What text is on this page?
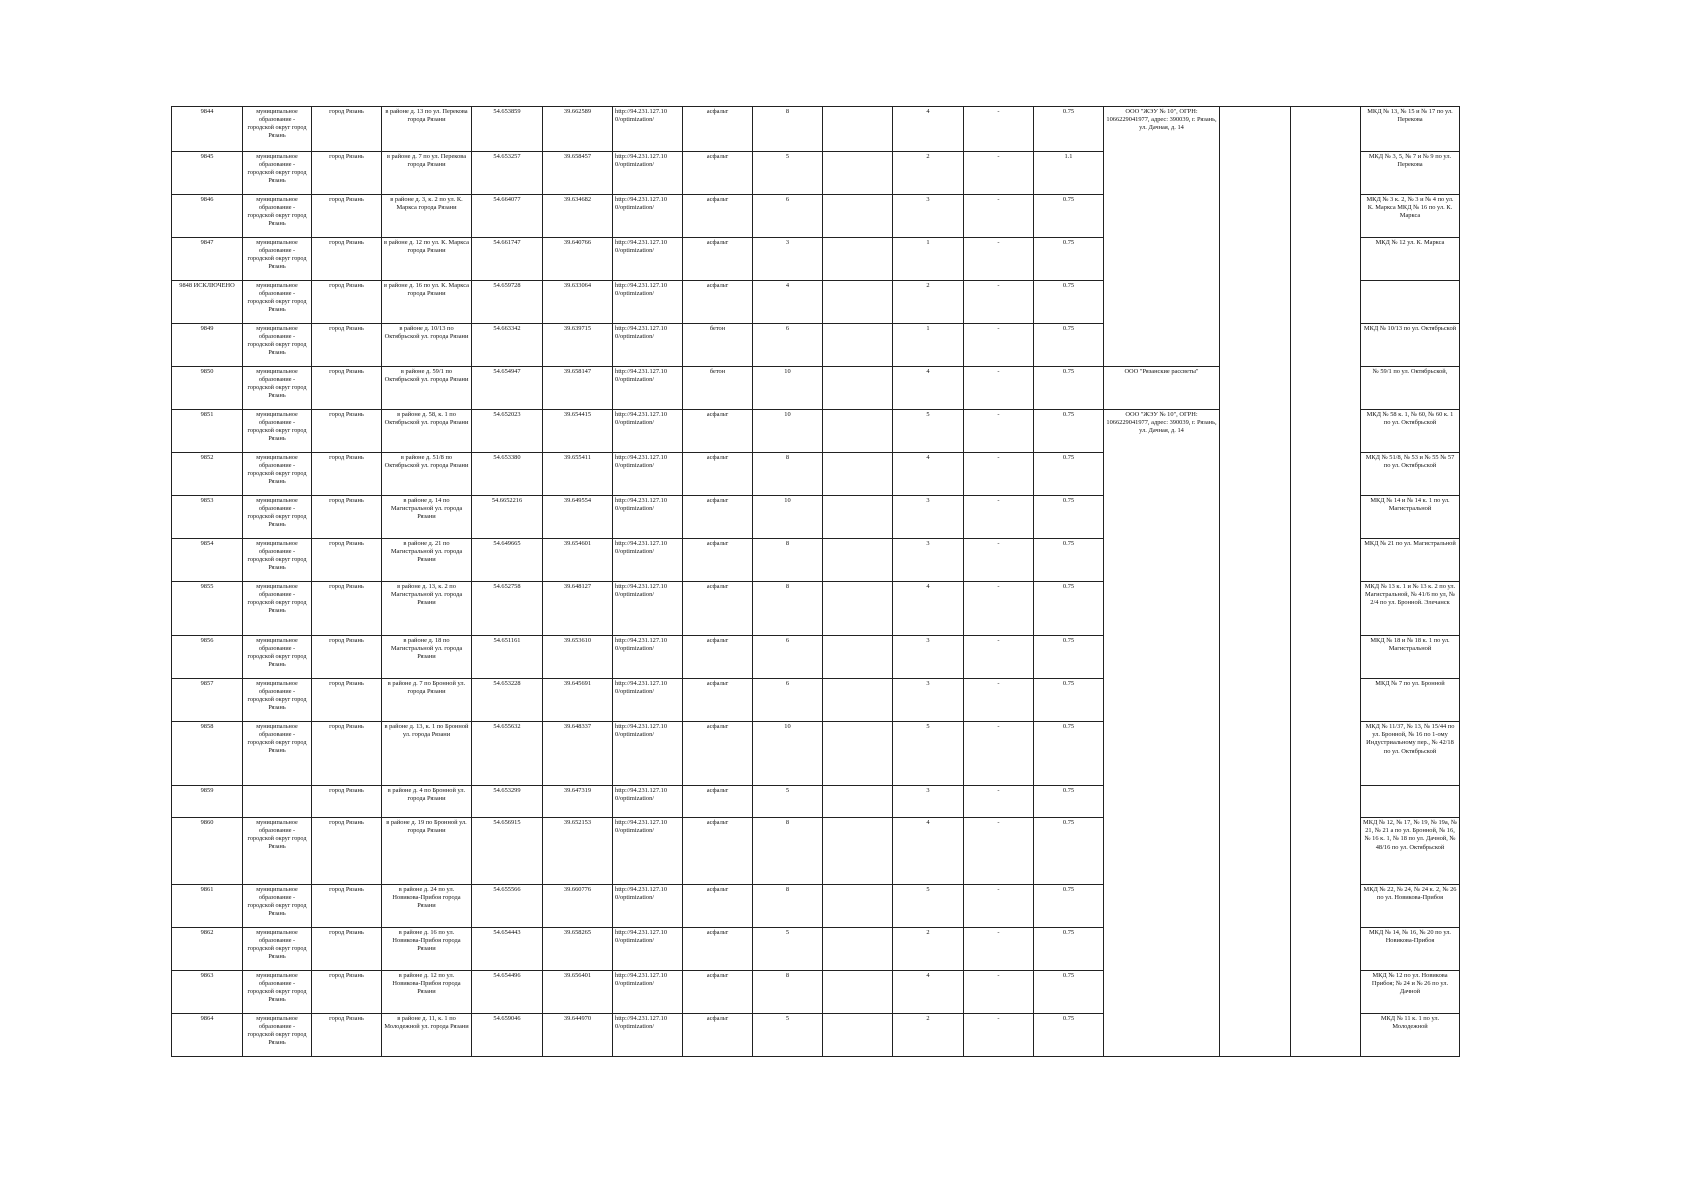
9844	муниципальное образование - городской округ город Рязань	город Рязань	в районе д. 13 по ул. Перекова города Рязани	54.653859	39.662589	http://94.231.127.10 0/optimization/	асфальт	8		4	-	0.75	ООО "ЖЭУ № 10", ОГРН: 1066229041977, адрес: 390039, г. Рязань, ул. Дачная, д. 14			МКД № 13, № 15 и № 17 по ул. Перекова
9845	муниципальное образование - городской округ город Рязань	город Рязань	в районе д. 7 по ул. Перекова города Рязани	54.653257	39.658457	http://94.231.127.10 0/optimization/	асфальт	5		2	-	1.1				МКД № 3, 5, № 7 и № 9 по ул. Перекова
9846	муниципальное образование - городской округ город Рязань	город Рязань	в районе д. 3, к. 2 по ул. К. Маркса города Рязани	54.664077	39.634682	http://94.231.127.10 0/optimization/	асфальт	6		3	-	0.75				МКД № 3 к. 2, № 3 и № 4 по ул. К. Маркса МКД № 16 по ул. К. Маркса
9847	муниципальное образование - городской округ город Рязань	город Рязань	в районе д. 12 по ул. К. Маркса города Рязани	54.661747	39.640766	http://94.231.127.10 0/optimization/	асфальт	3		1	-	0.75				МКД № 12 ул. К. Маркса
9848 ИСКЛЮЧЕНО	муниципальное образование - городской округ город Рязань	город Рязань	в районе д. 16 по ул. К. Маркса города Рязани	54.659728	39.633064	http://94.231.127.10 0/optimization/	асфальт	4		2	-	0.75				
9849	муниципальное образование - городской округ город Рязань	город Рязань	в районе д. 10/13 по Октябрьской ул. города Рязани	54.663342	39.639715	http://94.231.127.10 0/optimization/	бетон	6		1	-	0.75				МКД № 10/13 по ул. Октябрьской
9850	муниципальное образование - городской округ город Рязань	город Рязань	в районе д. 59/1 по Октябрьской ул. города Рязани	54.654947	39.658147	http://94.231.127.10 0/optimization/	бетон	10		4	-	0.75	ООО "Рязанские рассветы"			№ 59/1 по ул. Октябрьской,
9851	муниципальное образование - городской округ город Рязань	город Рязань	в районе д. 58, к. 1 по Октябрьской ул. города Рязани	54.652023	39.654415	http://94.231.127.10 0/optimization/	асфальт	10		5	-	0.75	ООО "ЖЭУ № 10", ОГРН: 1066229041977, адрес: 390039, г. Рязань, ул. Дачная, д. 14			МКД № 58 к. 1, № 60, № 60 к. 1 по ул. Октябрьской
9852	муниципальное образование - городской округ город Рязань	город Рязань	в районе д. 51/8 по Октябрьской ул. города Рязани	54.653380	39.655411	http://94.231.127.10 0/optimization/	асфальт	8		4	-	0.75				МКД № 51/8, № 53 и № 55 № 57 по ул. Октябрьской
9853	муниципальное образование - городской округ город Рязань	город Рязань	в районе д. 14 по Магистральной ул. города Рязани	54.6652216	39.649554	http://94.231.127.10 0/optimization/	асфальт	10		3	-	0.75				МКД № 14 и № 14 к. 1 по ул. Магистральной
9854	муниципальное образование - городской округ город Рязань	город Рязань	в районе д. 21 по Магистральной ул. города Рязани	54.649665	39.654601	http://94.231.127.10 0/optimization/	асфальт	8		3	-	0.75				МКД № 21 по ул. Магистральной
9855	муниципальное образование - городской округ город Рязань	город Рязань	в районе д. 13, к. 2 по Магистральной ул. города Рязани	54.652758	39.648127	http://94.231.127.10 0/optimization/	асфальт	8		4	-	0.75				МКД № 13 к. 1 и № 13 к. 2 по ул. Магистральной, № 41/6 по ул, № 2/4 по ул. Бронной. Элечанск
9856	муниципальное образование - городской округ город Рязань	город Рязань	в районе д. 18 по Магистральной ул. города Рязани	54.651161	39.653610	http://94.231.127.10 0/optimization/	асфальт	6		3	-	0.75				МКД № 18 и № 18 к. 1 по ул. Магистральной
9857	муниципальное образование - городской округ город Рязань	город Рязань	в районе д. 7 по Бронной ул. города Рязани	54.653228	39.645691	http://94.231.127.10 0/optimization/	асфальт	6		3	-	0.75				МКД № 7 по ул. Бронной
9858	муниципальное образование - городской округ город Рязань	город Рязань	в районе д. 13, к. 1 по Бронной ул. города Рязани	54.655632	39.648337	http://94.231.127.10 0/optimization/	асфальт	10		5	-	0.75				МКД № 11/37, № 13, № 15/44 по ул. Бронной, № 16 по 1-ому Индустриальному пер., № 42/18 по ул. Октябрьской
9859		город Рязань	в районе д. 4 по Бронной ул. города Рязани	54.653299	39.647319	http://94.231.127.10 0/optimization/	асфальт	5		3	-	0.75				
9860	муниципальное образование - городской округ город Рязань	город Рязань	в районе д. 19 по Бронной ул. города Рязани	54.656915	39.652153	http://94.231.127.10 0/optimization/	асфальт	8		4	-	0.75				МКД № 12, № 17, № 19, № 19а, № 21, № 21 а по ул. Бронной, № 16, № 16 к. 1, № 18 по ул. Дачной, № 48/16 по ул. Октябрьской
9861	муниципальное образование - городской округ город Рязань	город Рязань	в районе д. 24 по ул. Новикова-Прибоя города Рязани	54.655566	39.660776	http://94.231.127.10 0/optimization/	асфальт	8		5	-	0.75				МКД № 22, № 24, № 24 к. 2, № 26 по ул. Новикова-Прибоя
9862	муниципальное образование - городской округ город Рязань	город Рязань	в районе д. 16 по ул. Новикова-Прибоя города Рязани	54.654443	39.658265	http://94.231.127.10 0/optimization/	асфальт	5		2	-	0.75				МКД № 14, № 16, № 20 по ул. Новикова-Прибоя
9863	муниципальное образование - городской округ город Рязань	город Рязань	в районе д. 12 по ул. Новикова-Прибоя города Рязани	54.654496	39.656401	http://94.231.127.10 0/optimization/	асфальт	8		4	-	0.75				МКД № 12 по ул. Новикова Прибоя; № 24 и № 26 по ул. Дачной
9864	муниципальное образование - городской округ город Рязань	город Рязань	в районе д. 11, к. 1 по Молодежной ул. города Рязани	54.659046	39.644970	http://94.231.127.10 0/optimization/	асфальт	5		2	-	0.75				МКД № 11 к. 1 по ул. Молодежной
